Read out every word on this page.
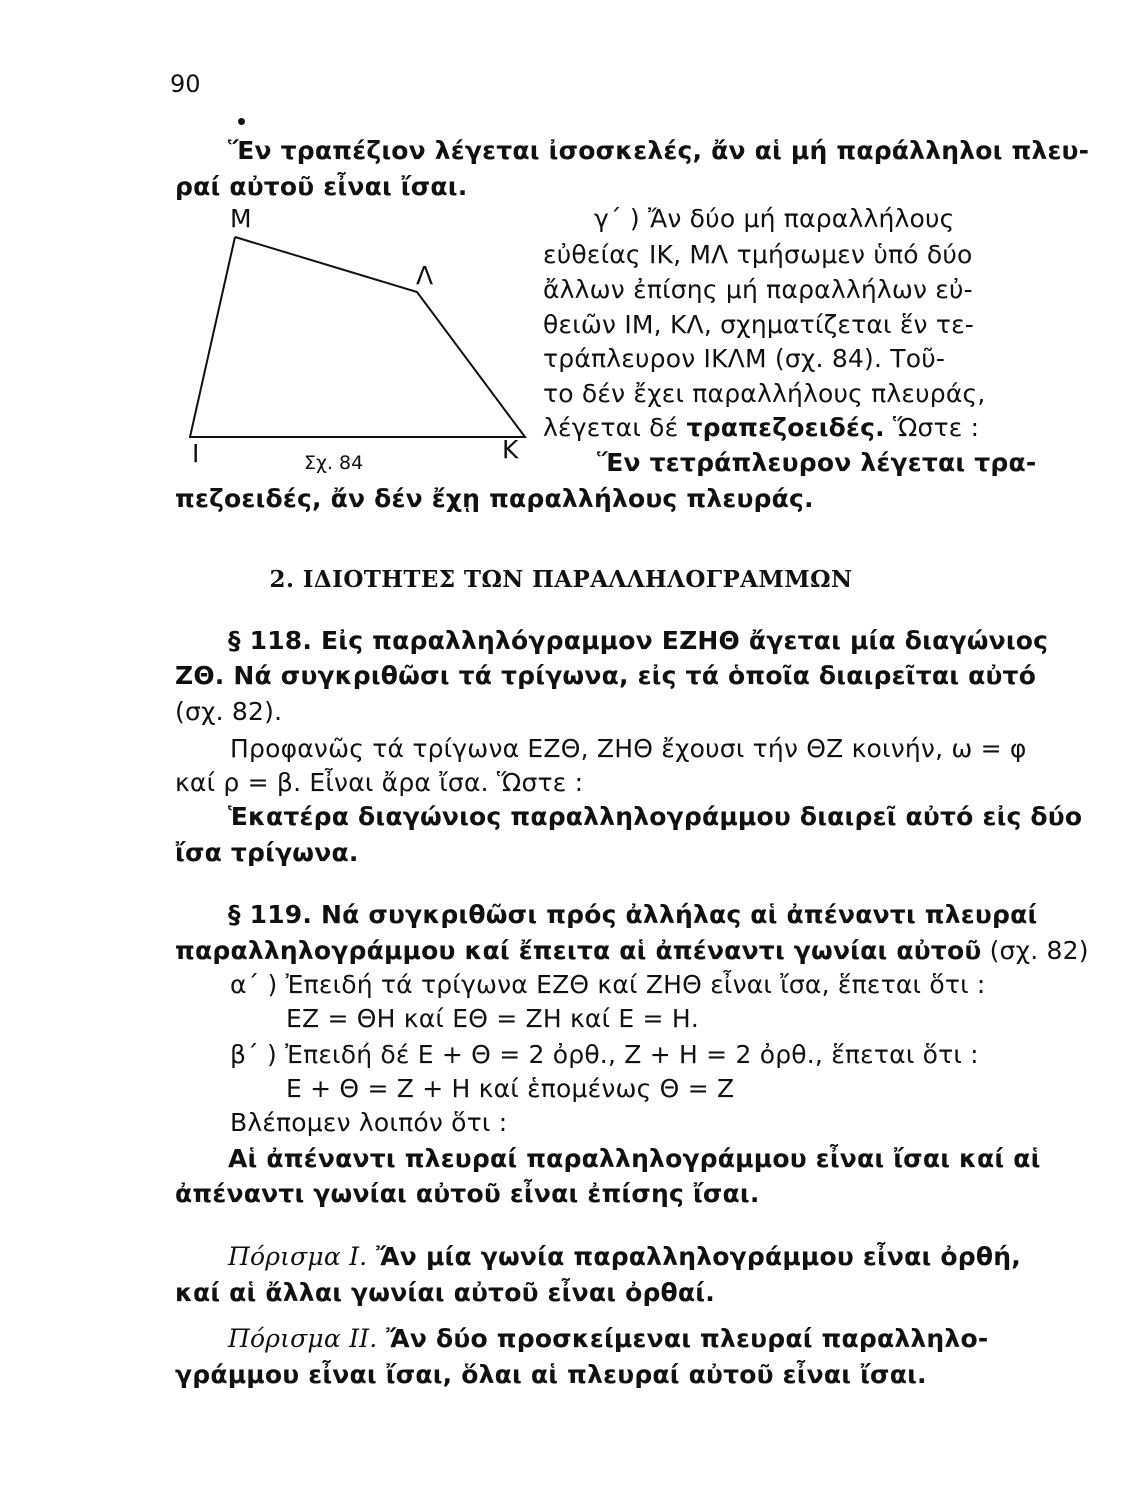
90
Ἕν τραπέζιον λέγεται ἰσοσκελές, ἄν αἱ μή παράλληλοι πλευ-
ραί αὐτοῦ εἶναι ἴσαι.
Μ
Λ
Ι	Κ
Σχ. 84
γ΄ ) Ἄν δύο μή παραλλήλους
εὐθείας ΙΚ, ΜΛ τμήσωμεν ὑπό δύο
ἄλλων ἐπίσης μή παραλλήλων εὐ-
θειῶν ΙΜ, ΚΛ, σχηματίζεται ἕν τε-
τράπλευρον ΙΚΛΜ (σχ. 84). Τοῦ-
το δέν ἔχει παραλλήλους πλευράς,
λέγεται δέ τραπεζοειδές. Ὥστε :
Ἕν τετράπλευρον λέγεται τρα-
πεζοειδές, ἄν δέν ἔχῃ παραλλήλους πλευράς.
2. ΙΔΙΟΤΗΤΕΣ ΤΩΝ ΠΑΡΑΛΛΗΛΟΓΡΑΜΜΩΝ
§ 118. Εἰς παραλληλόγραμμον ΕΖΗΘ ἄγεται μία διαγώνιος
ΖΘ. Νά συγκριθῶσι τά τρίγωνα, εἰς τά ὁποῖα διαιρεῖται αὐτό
(σχ. 82).
Προφανῶς τά τρίγωνα ΕΖΘ, ΖΗΘ ἔχουσι τήν ΘΖ κοινήν, ω = φ
καί ρ = β. Εἶναι ἄρα ἴσα. Ὥστε :
Ἑκατέρα διαγώνιος παραλληλογράμμου διαιρεῖ αὐτό εἰς δύο
ἴσα τρίγωνα.
§ 119. Νά συγκριθῶσι πρός ἀλλήλας αἱ ἀπέναντι πλευραί
παραλληλογράμμου καί ἔπειτα αἱ ἀπέναντι γωνίαι αὐτοῦ (σχ. 82)
α΄ ) Ἐπειδή τά τρίγωνα ΕΖΘ καί ΖΗΘ εἶναι ἴσα, ἕπεται ὅτι :
ΕΖ = ΘΗ καί ΕΘ = ΖΗ καί Ε = Η.
β΄ ) Ἐπειδή δέ Ε + Θ = 2 ὀρθ., Ζ + Η = 2 ὀρθ., ἕπεται ὅτι :
Ε + Θ = Ζ + Η καί ἑπομένως Θ = Ζ
Βλέπομεν λοιπόν ὅτι :
Αἱ ἀπέναντι πλευραί παραλληλογράμμου εἶναι ἴσαι καί αἱ
ἀπέναντι γωνίαι αὐτοῦ εἶναι ἐπίσης ἴσαι.
Πόρισμα Ι. Ἄν μία γωνία παραλληλογράμμου εἶναι ὀρθή,
καί αἱ ἄλλαι γωνίαι αὐτοῦ εἶναι ὀρθαί.
Πόρισμα ΙΙ. Ἄν δύο προσκείμεναι πλευραί παραλληλο-
γράμμου εἶναι ἴσαι, ὅλαι αἱ πλευραί αὐτοῦ εἶναι ἴσαι.
